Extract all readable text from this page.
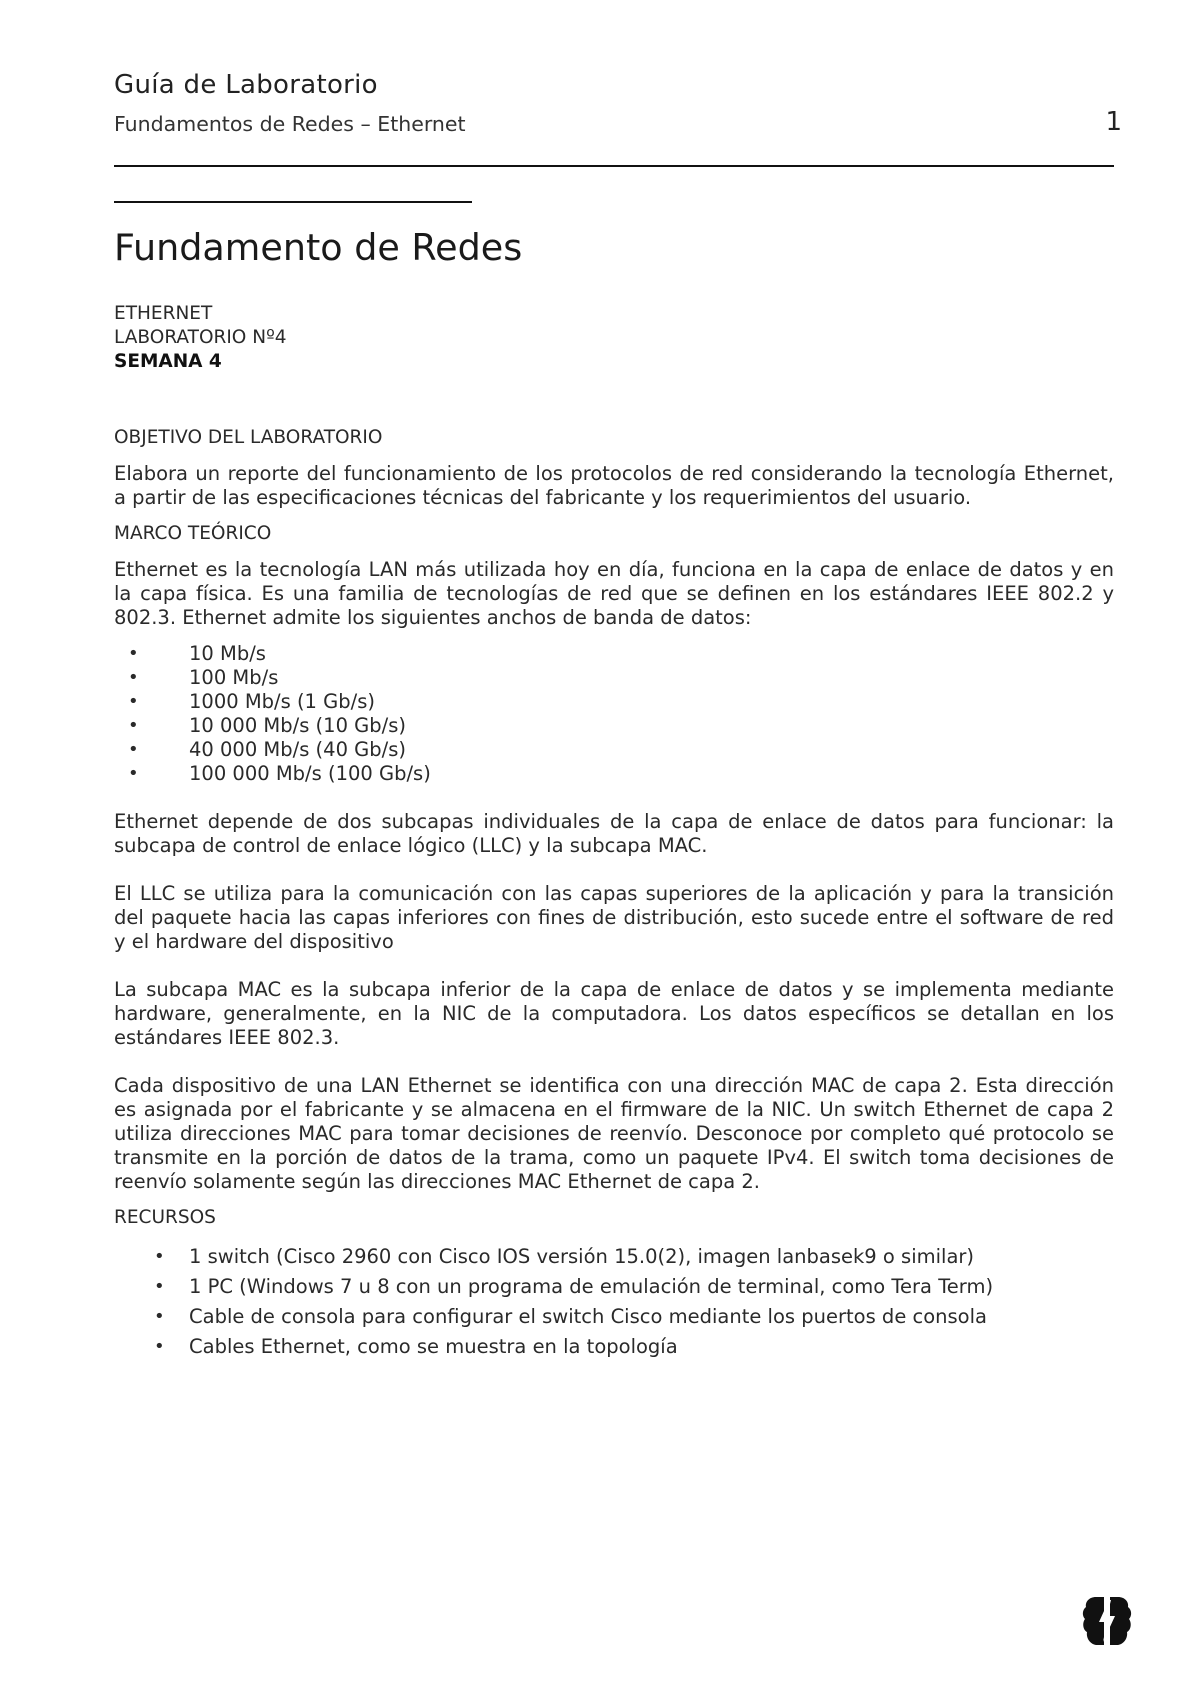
Guía de Laboratorio
Fundamentos de Redes – Ethernet	1
Fundamento de Redes
ETHERNET
LABORATORIO Nº4
SEMANA 4
OBJETIVO DEL LABORATORIO

Elabora un reporte del funcionamiento de los protocolos de red considerando la tecnología Ethernet, a partir de las especificaciones técnicas del fabricante y los requerimientos del usuario.

MARCO TEÓRICO

Ethernet es la tecnología LAN más utilizada hoy en día, funciona en la capa de enlace de datos y en la capa física. Es una familia de tecnologías de red que se definen en los estándares IEEE 802.2 y 802.3. Ethernet admite los siguientes anchos de banda de datos:

•	10 Mb/s
•	100 Mb/s
•	1000 Mb/s (1 Gb/s)
•	10 000 Mb/s (10 Gb/s)
•	40 000 Mb/s (40 Gb/s)
•	100 000 Mb/s (100 Gb/s)

Ethernet depende de dos subcapas individuales de la capa de enlace de datos para funcionar: la subcapa de control de enlace lógico (LLC) y la subcapa MAC.

El LLC se utiliza para la comunicación con las capas superiores de la aplicación y para la transición del paquete hacia las capas inferiores con fines de distribución, esto sucede entre el software de red y el hardware del dispositivo

La subcapa MAC es la subcapa inferior de la capa de enlace de datos y se implementa mediante hardware, generalmente, en la NIC de la computadora. Los datos específicos se detallan en los estándares IEEE 802.3.

Cada dispositivo de una LAN Ethernet se identifica con una dirección MAC de capa 2. Esta dirección es asignada por el fabricante y se almacena en el firmware de la NIC. Un switch Ethernet de capa 2 utiliza direcciones MAC para tomar decisiones de reenvío. Desconoce por completo qué protocolo se transmite en la porción de datos de la trama, como un paquete IPv4. El switch toma decisiones de reenvío solamente según las direcciones MAC Ethernet de capa 2.

RECURSOS
• 1 switch (Cisco 2960 con Cisco IOS versión 15.0(2), imagen lanbasek9 o similar)
• 1 PC (Windows 7 u 8 con un programa de emulación de terminal, como Tera Term)
• Cable de consola para configurar el switch Cisco mediante los puertos de consola
• Cables Ethernet, como se muestra en la topología
